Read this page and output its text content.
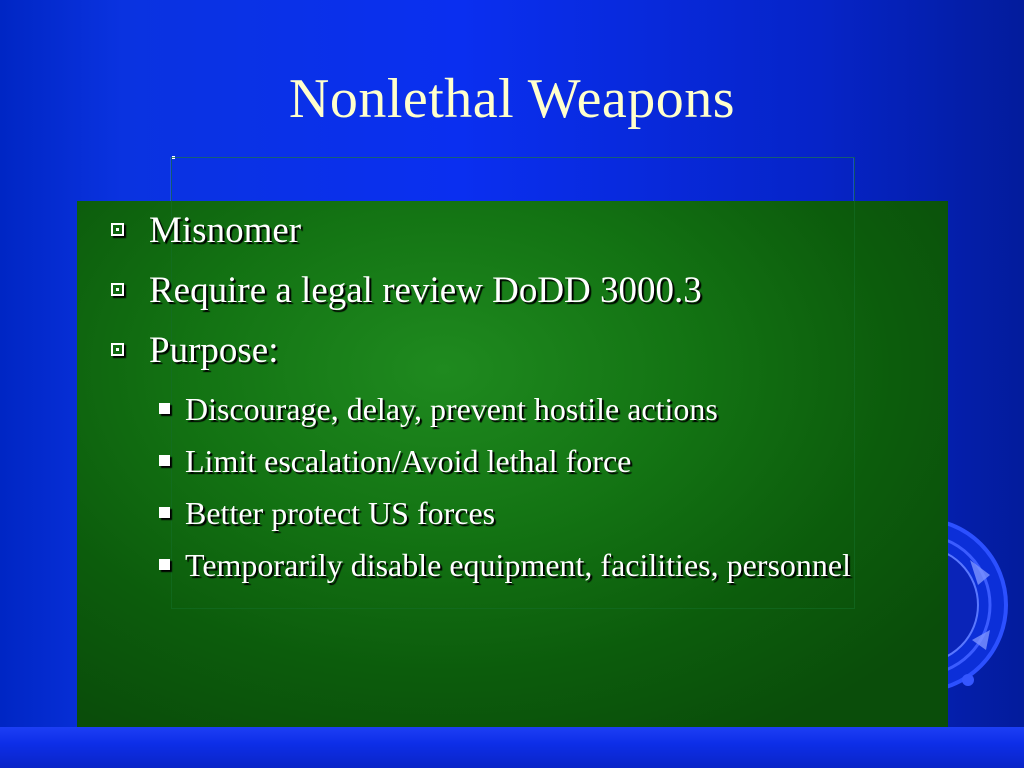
Nonlethal Weapons
Misnomer
Require a legal review DoDD 3000.3
Purpose:
Discourage, delay, prevent hostile actions
Limit escalation/Avoid lethal force
Better protect US forces
Temporarily disable equipment, facilities, personnel
